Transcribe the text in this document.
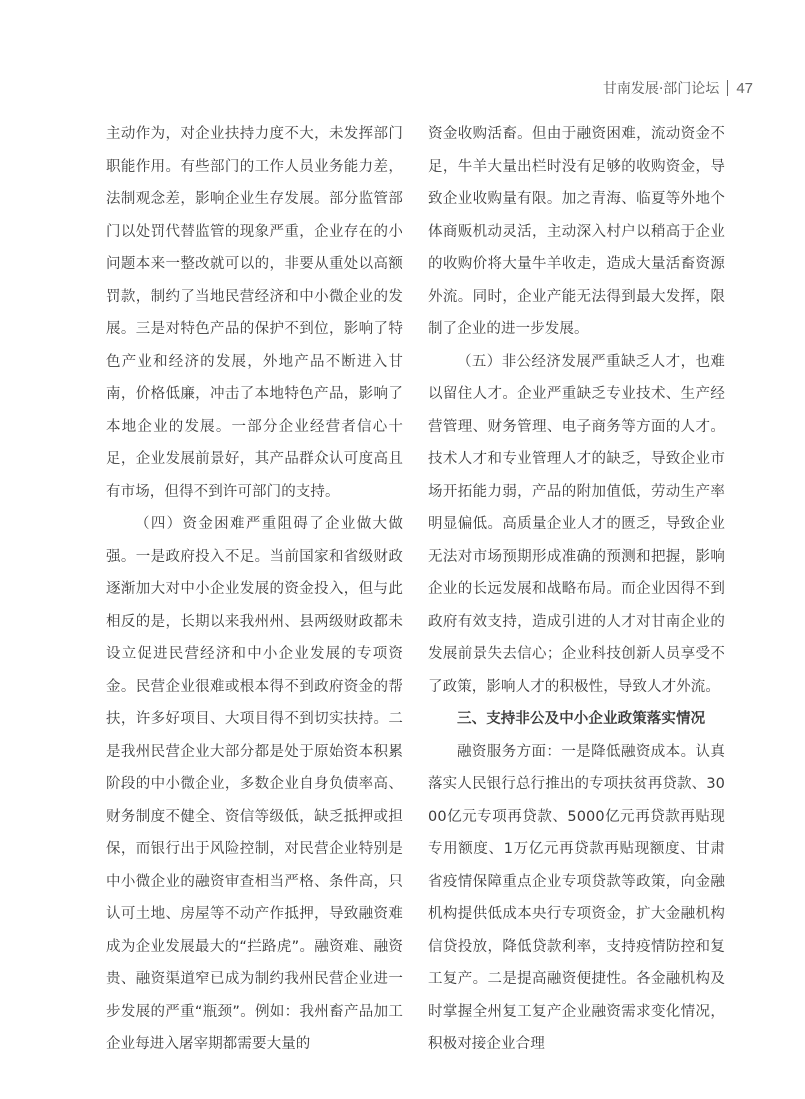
甘南发展·部门论坛 47

主动作为，对企业扶持力度不大，未发挥部门职能作用。有些部门的工作人员业务能力差，法制观念差，影响企业生存发展。部分监管部门以处罚代替监管的现象严重，企业存在的小问题本来一整改就可以的，非要从重处以高额罚款，制约了当地民营经济和中小微企业的发展。三是对特色产品的保护不到位，影响了特色产业和经济的发展，外地产品不断进入甘南，价格低廉，冲击了本地特色产品，影响了本地企业的发展。一部分企业经营者信心十足，企业发展前景好，其产品群众认可度高且有市场，但得不到许可部门的支持。

（四）资金困难严重阻碍了企业做大做强。一是政府投入不足。当前国家和省级财政逐渐加大对中小企业发展的资金投入，但与此相反的是，长期以来我州州、县两级财政都未设立促进民营经济和中小企业发展的专项资金。民营企业很难或根本得不到政府资金的帮扶，许多好项目、大项目得不到切实扶持。二是我州民营企业大部分都是处于原始资本积累阶段的中小微企业，多数企业自身负债率高、财务制度不健全、资信等级低，缺乏抵押或担保，而银行出于风险控制，对民营企业特别是中小微企业的融资审查相当严格、条件高，只认可土地、房屋等不动产作抵押，导致融资难成为企业发展最大的“拦路虎”。融资难、融资贵、融资渠道窄已成为制约我州民营企业进一步发展的严重“瓶颈”。例如：我州畜产品加工企业每进入屠宰期都需要大量的

资金收购活畜。但由于融资困难，流动资金不足，牛羊大量出栏时没有足够的收购资金，导致企业收购量有限。加之青海、临夏等外地个体商贩机动灵活，主动深入村户以稍高于企业的收购价将大量牛羊收走，造成大量活畜资源外流。同时，企业产能无法得到最大发挥，限制了企业的进一步发展。

（五）非公经济发展严重缺乏人才，也难以留住人才。企业严重缺乏专业技术、生产经营管理、财务管理、电子商务等方面的人才。技术人才和专业管理人才的缺乏，导致企业市场开拓能力弱，产品的附加值低，劳动生产率明显偏低。高质量企业人才的匮乏，导致企业无法对市场预期形成准确的预测和把握，影响企业的长远发展和战略布局。而企业因得不到政府有效支持，造成引进的人才对甘南企业的发展前景失去信心；企业科技创新人员享受不了政策，影响人才的积极性，导致人才外流。

三、支持非公及中小企业政策落实情况

融资服务方面：一是降低融资成本。认真落实人民银行总行推出的专项扶贫再贷款、3000亿元专项再贷款、5000亿元再贷款再贴现专用额度、1万亿元再贷款再贴现额度、甘肃省疫情保障重点企业专项贷款等政策，向金融机构提供低成本央行专项资金，扩大金融机构信贷投放，降低贷款利率，支持疫情防控和复工复产。二是提高融资便捷性。各金融机构及时掌握全州复工复产企业融资需求变化情况，积极对接企业合理
